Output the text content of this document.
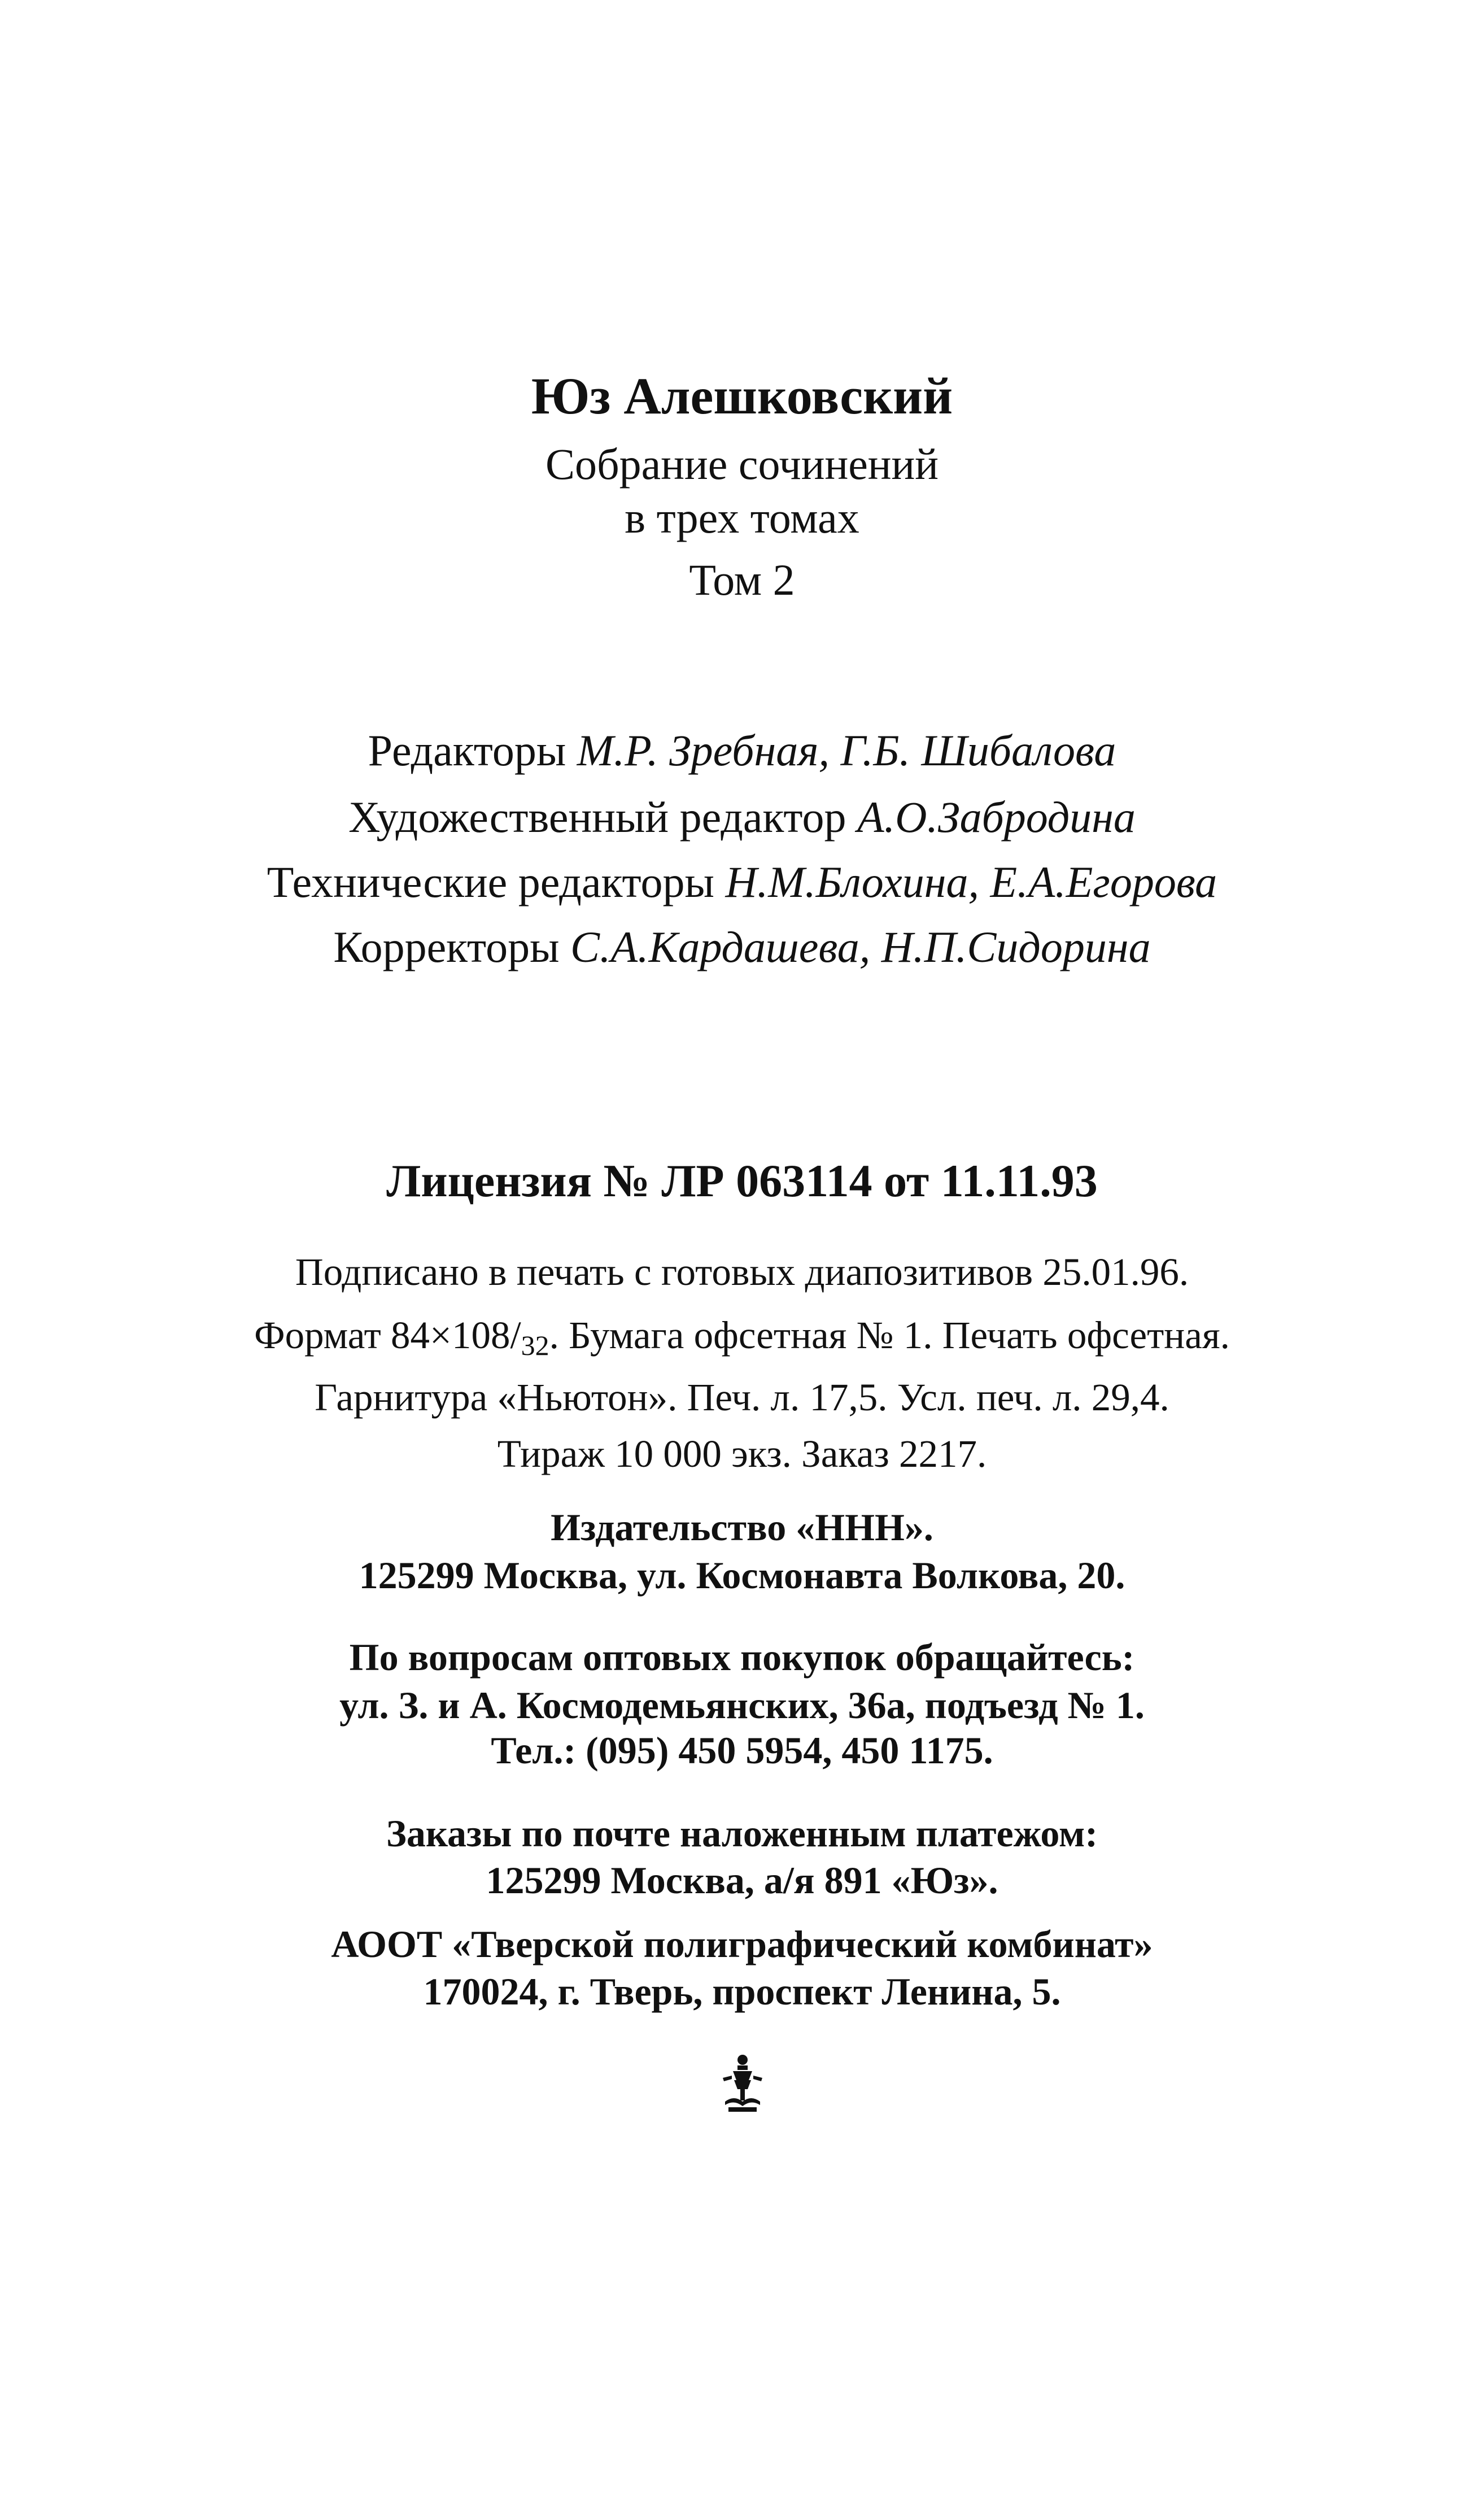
Юз Алешковский
Собрание сочинений
в трех томах
Том 2
Редакторы М.Р. Зребная, Г.Б. Шибалова
Художественный редактор А.О.Забродина
Технические редакторы Н.М.Блохина, Е.А.Егорова
Корректоры С.А.Кардашева, Н.П.Сидорина
Лицензия № ЛР 063114 от 11.11.93
Подписано в печать с готовых диапозитивов 25.01.96.
Формат $84\times 108/_{32}$. Бумага офсетная № 1. Печать офсетная.
Гарнитура «Ньютон». Печ. л. 17,5. Усл. печ. л. 29,4.
Тираж 10 000 экз. Заказ 2217.
Издательство «ННН».
125299 Москва, ул. Космонавта Волкова, 20.
По вопросам оптовых покупок обращайтесь:
ул. З. и А. Космодемьянских, 36а, подъезд № 1.
Тел.: (095) 450 5954, 450 1175.
Заказы по почте наложенным платежом:
125299 Москва, а/я 891 «Юз».
АООТ «Тверской полиграфический комбинат»
170024, г. Тверь, проспект Ленина, 5.
